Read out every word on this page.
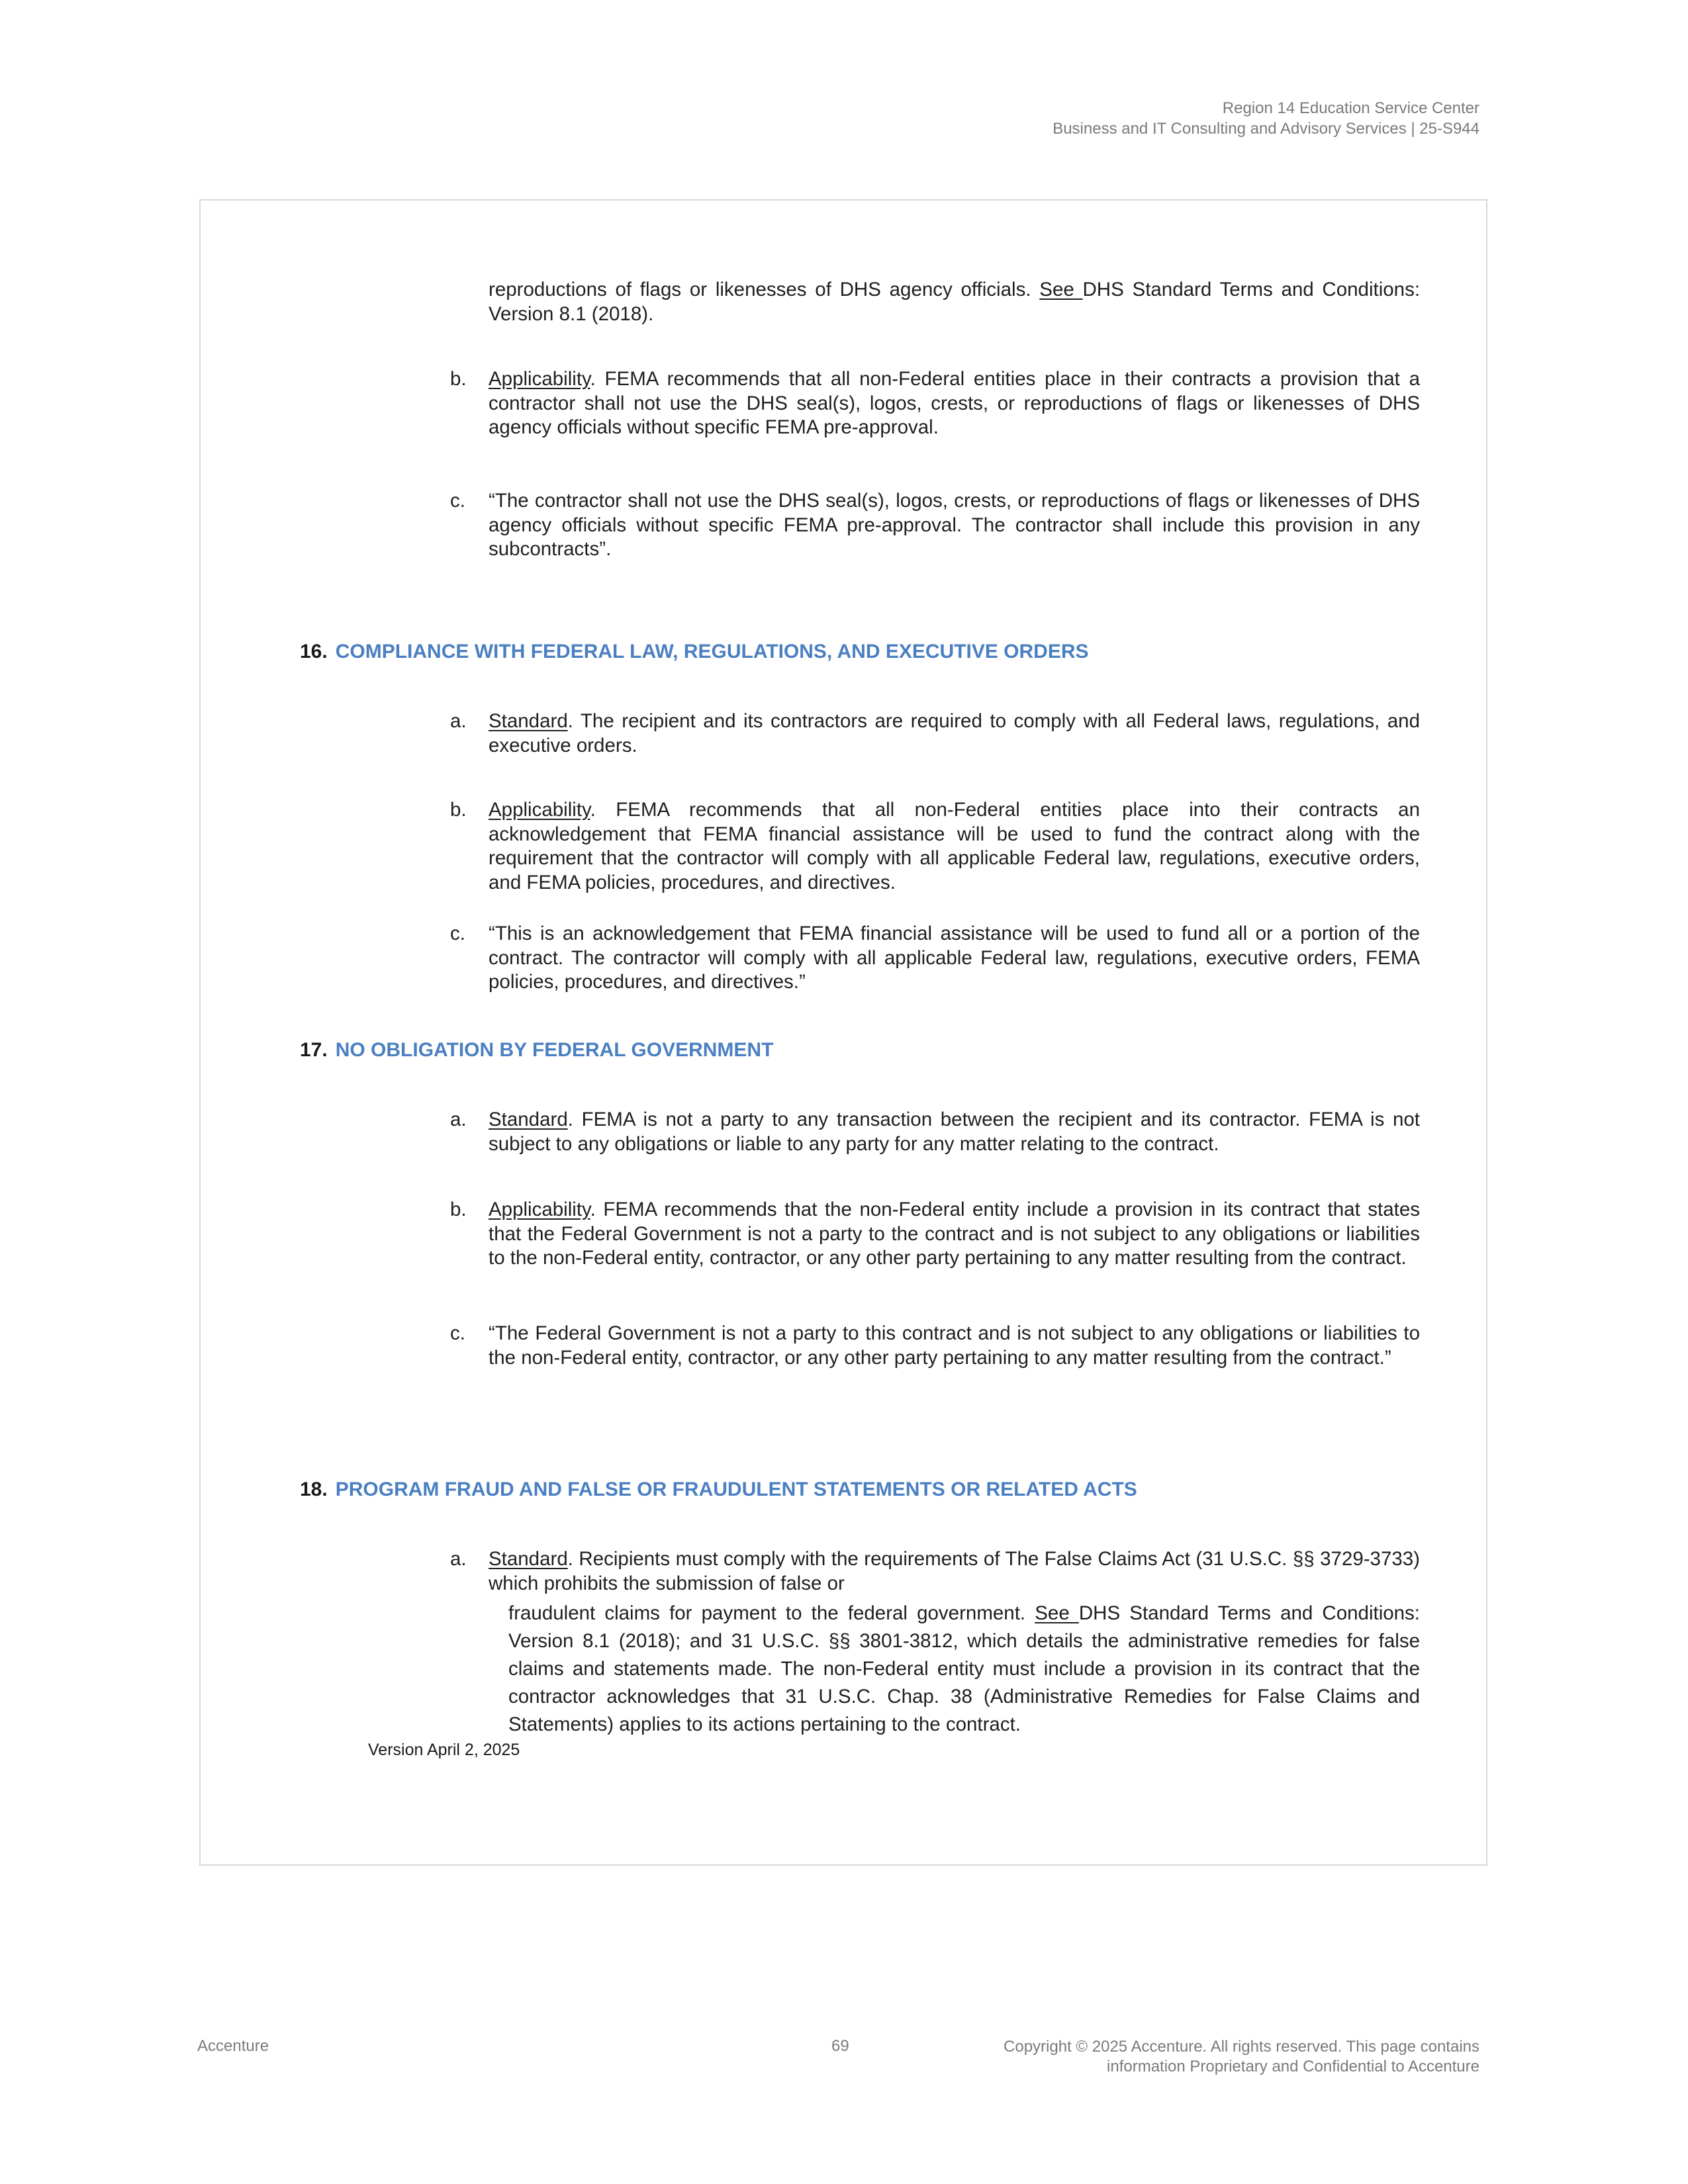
Region 14 Education Service Center
Business and IT Consulting and Advisory Services | 25-S944
reproductions of flags or likenesses of DHS agency officials. See DHS Standard Terms and Conditions: Version 8.1 (2018).
b. Applicability. FEMA recommends that all non-Federal entities place in their contracts a provision that a contractor shall not use the DHS seal(s), logos, crests, or reproductions of flags or likenesses of DHS agency officials without specific FEMA pre-approval.
c. “The contractor shall not use the DHS seal(s), logos, crests, or reproductions of flags or likenesses of DHS agency officials without specific FEMA pre-approval. The contractor shall include this provision in any subcontracts”.
16. COMPLIANCE WITH FEDERAL LAW, REGULATIONS, AND EXECUTIVE ORDERS
a. Standard. The recipient and its contractors are required to comply with all Federal laws, regulations, and executive orders.
b. Applicability. FEMA recommends that all non-Federal entities place into their contracts an acknowledgement that FEMA financial assistance will be used to fund the contract along with the requirement that the contractor will comply with all applicable Federal law, regulations, executive orders, and FEMA policies, procedures, and directives.
c. “This is an acknowledgement that FEMA financial assistance will be used to fund all or a portion of the contract. The contractor will comply with all applicable Federal law, regulations, executive orders, FEMA policies, procedures, and directives.”
17. NO OBLIGATION BY FEDERAL GOVERNMENT
a. Standard. FEMA is not a party to any transaction between the recipient and its contractor. FEMA is not subject to any obligations or liable to any party for any matter relating to the contract.
b. Applicability. FEMA recommends that the non-Federal entity include a provision in its contract that states that the Federal Government is not a party to the contract and is not subject to any obligations or liabilities to the non-Federal entity, contractor, or any other party pertaining to any matter resulting from the contract.
c. “The Federal Government is not a party to this contract and is not subject to any obligations or liabilities to the non-Federal entity, contractor, or any other party pertaining to any matter resulting from the contract.”
18. PROGRAM FRAUD AND FALSE OR FRAUDULENT STATEMENTS OR RELATED ACTS
a. Standard. Recipients must comply with the requirements of The False Claims Act (31 U.S.C. §§ 3729-3733) which prohibits the submission of false or
fraudulent claims for payment to the federal government. See DHS Standard Terms and Conditions: Version 8.1 (2018); and 31 U.S.C. §§ 3801-3812, which details the administrative remedies for false claims and statements made. The non-Federal entity must include a provision in its contract that the contractor acknowledges that 31 U.S.C. Chap. 38 (Administrative Remedies for False Claims and Statements) applies to its actions pertaining to the contract.
Version April 2, 2025
Accenture	69	Copyright © 2025 Accenture. All rights reserved. This page contains
information Proprietary and Confidential to Accenture
